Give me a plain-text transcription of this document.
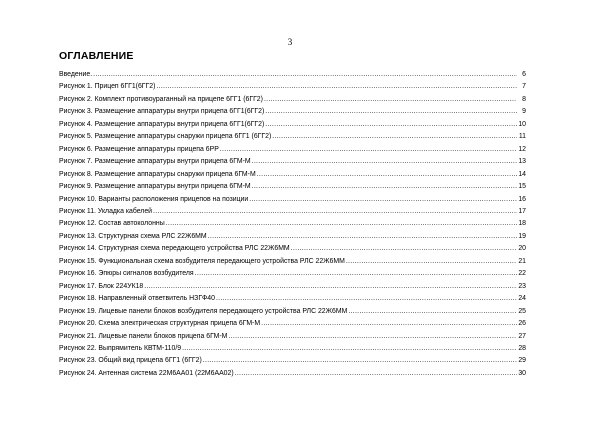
3
ОГЛАВЛЕНИЕ
Введение. .....	6
Рисунок 1. Прицеп 6ГГ1(6ГГ2) .....	7
Рисунок 2. Комплект противоураганный на прицепе 6ГГ1 (6ГГ2) .....	8
Рисунок 3. Размещение аппаратуры внутри прицепа 6ГГ1(6ГГ2) .....	9
Рисунок 4. Размещение аппаратуры внутри прицепа 6ГГ1(6ГГ2) .....	10
Рисунок 5. Размещение аппаратуры снаружи прицепа 6ГГ1 (6ГГ2) .....	11
Рисунок 6. Размещение аппаратуры прицепа 6РР .....	12
Рисунок 7. Размещение аппаратуры внутри прицепа 6ГМ-М .....	13
Рисунок 8. Размещение аппаратуры снаружи прицепа 6ГМ-М .....	14
Рисунок 9. Размещение аппаратуры внутри прицепа 6ГМ-М .....	15
Рисунок 10. Варианты расположения прицепов на позиции .....	16
Рисунок 11. Укладка кабелей .....	17
Рисунок 12. Состав автоколонны .....	18
Рисунок 13. Структурная схема РЛС 22Ж6ММ .....	19
Рисунок 14. Структурная схема передающего устройства РЛС 22Ж6ММ .....	20
Рисунок 15. Функциональная схема возбудителя передающего устройства РЛС 22Ж6ММ .....	21
Рисунок 16. Эпюры сигналов возбудителя .....	22
Рисунок 17. Блок 224УК18 .....	23
Рисунок 18. Направленный ответвитель НЗГФ40 .....	24
Рисунок 19. Лицевые панели блоков возбудителя передающего устройства РЛС 22Ж6ММ .....	25
Рисунок 20. Схема электрическая структурная прицепа 6ГМ-М .....	26
Рисунок 21. Лицевые панели блоков прицепа 6ГМ-М .....	27
Рисунок 22. Выпрямитель КВТМ-110/9 .....	28
Рисунок 23. Общий вид прицепа 6ГГ1 (6ГГ2) .....	29
Рисунок 24. Антенная система 22М6АА01 (22М6АА02) .....	30
